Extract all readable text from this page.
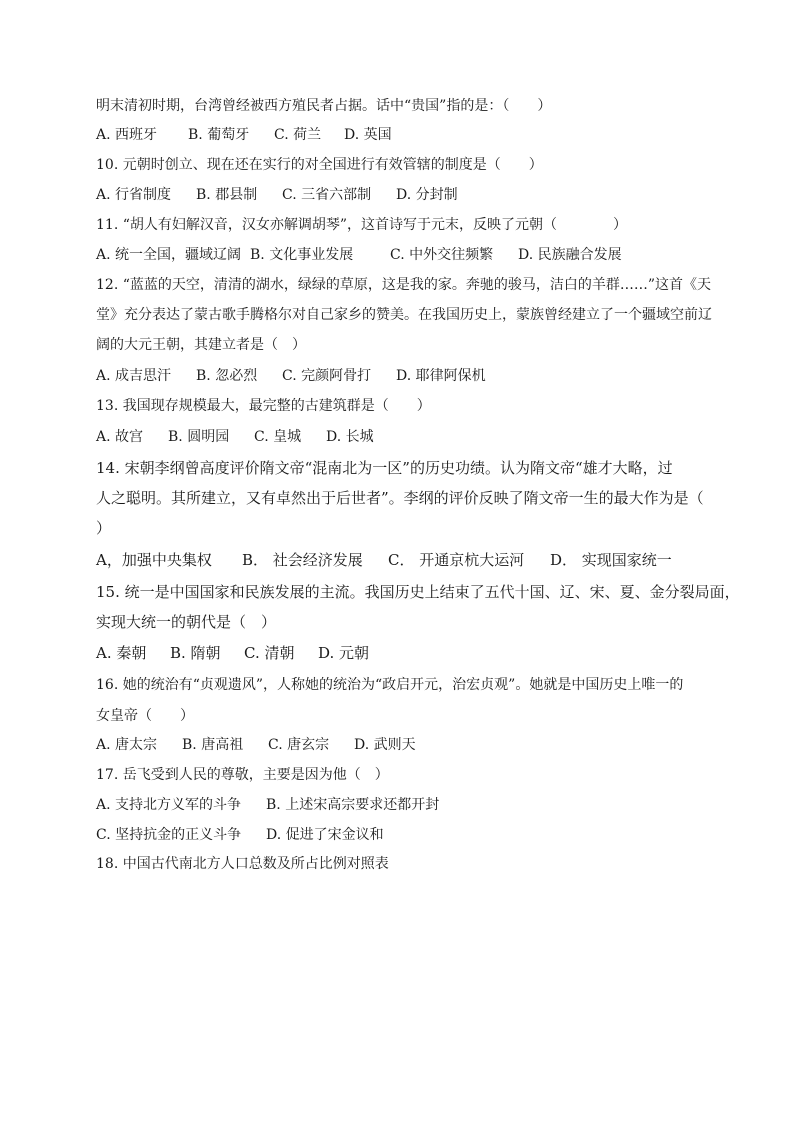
明末清初时期，台湾曾经被西方殖民者占据。话中“贵国”指的是：（　　）
A. 西班牙 B. 葡萄牙 C. 荷兰 D. 英国
10. 元朝时创立、现在还在实行的对全国进行有效管辖的制度是（　　）
A. 行省制度 B. 郡县制 C. 三省六部制 D. 分封制
11. “胡人有妇解汉音，汉女亦解调胡琴”，这首诗写于元末，反映了元朝（　　　　）
A. 统一全国，疆域辽阔 B. 文化事业发展	C. 中外交往频繁 D. 民族融合发展
12. “蓝蓝的天空，清清的湖水，绿绿的草原，这是我的家。奔驰的骏马，洁白的羊群……”这首《天
堂》充分表达了蒙古歌手腾格尔对自己家乡的赞美。在我国历史上，蒙族曾经建立了一个疆域空前辽
阔的大元王朝，其建立者是（　）
A. 成吉思汗 B. 忽必烈 C. 完颜阿骨打 D. 耶律阿保机
13. 我国现存规模最大，最完整的古建筑群是（　　）
A. 故宫 B. 圆明园 C. 皇城 D. 长城
14. 宋朝李纲曾高度评价隋文帝“混南北为一区”的历史功绩。认为隋文帝“雄才大略，过
人之聪明。其所建立，又有卓然出于后世者”。李纲的评价反映了隋文帝一生的最大作为是（
）
A，加强中央集权 B． 社会经济发展 C． 开通京杭大运河 D． 实现国家统一
15. 统一是中国国家和民族发展的主流。我国历史上结束了五代十国、辽、宋、夏、金分裂局面，
实现大统一的朝代是（　）
A. 秦朝 B. 隋朝 C. 清朝 D. 元朝
16. 她的统治有“贞观遗风”，人称她的统治为“政启开元，治宏贞观”。她就是中国历史上唯一的
女皇帝（　　）
A. 唐太宗 B. 唐高祖 C. 唐玄宗 D. 武则天
17. 岳飞受到人民的尊敬，主要是因为他（　）
A. 支持北方义军的斗争 B. 上述宋高宗要求还都开封
C. 坚持抗金的正义斗争 D. 促进了宋金议和
18. 中国古代南北方人口总数及所占比例对照表
